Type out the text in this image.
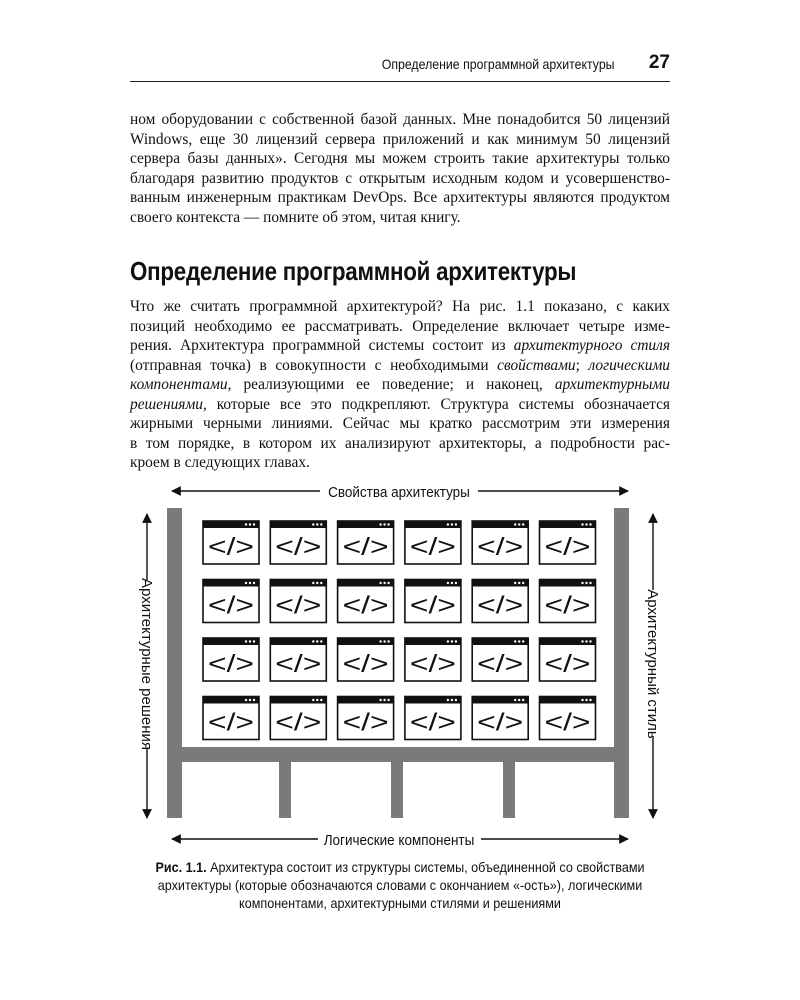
Определение программной архитектуры 27
ном оборудовании с собственной базой данных. Мне понадобится 50 лицензий
Windows, еще 30 лицензий сервера приложений и как минимум 50 лицензий
сервера базы данных». Сегодня мы можем строить такие архитектуры только
благодаря развитию продуктов с открытым исходным кодом и усовершенство-
ванным инженерным практикам DevOps. Все архитектуры являются продуктом
своего контекста — помните об этом, читая книгу.
Определение программной архитектуры
Что же считать программной архитектурой? На рис. 1.1 показано, с каких
позиций необходимо ее рассматривать. Определение включает четыре изме-
рения. Архитектура программной системы состоит из архитектурного стиля
(отправная точка) в совокупности с необходимыми свойствами; логическими
компонентами, реализующими ее поведение; и наконец, архитектурными
решениями, которые все это подкрепляют. Структура системы обозначается
жирными черными линиями. Сейчас мы кратко рассмотрим эти измерения
в том порядке, в котором их анализируют архитекторы, а подробности рас-
кроем в следующих главах.
Свойства архитектуры
Логические компоненты
Архитектурные решения	Архитектурный стиль
</> </> </> </> </> </>
</> </> </> </> </> </>
</> </> </> </> </> </>
</> </> </> </> </> </>

Рис. 1.1. Архитектура состоит из структуры системы, объединенной со свойствами архитектуры (которые обозначаются словами с окончанием «-ость»), логическими компонентами, архитектурными стилями и решениями
